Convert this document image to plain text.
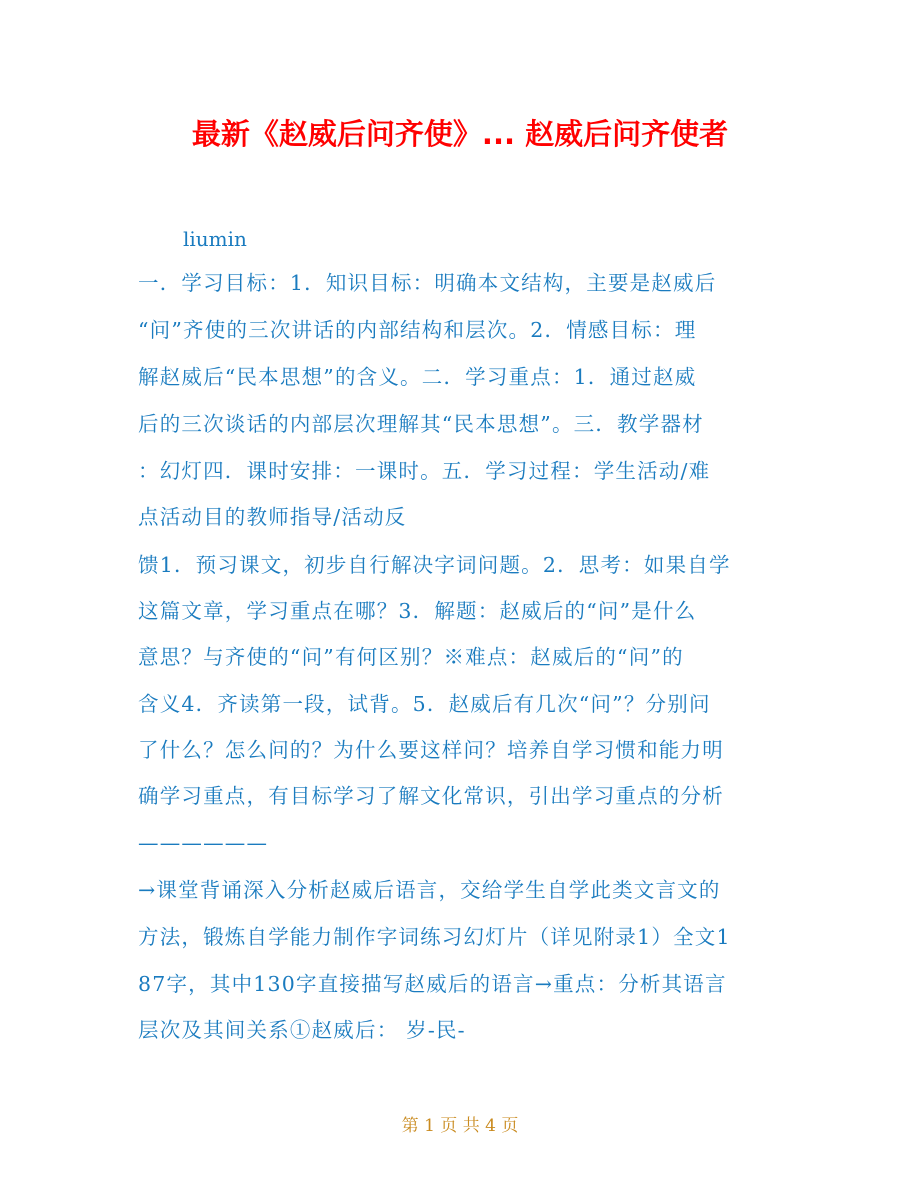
最新《赵威后问齐使》... 赵威后问齐使者
liumin
一．学习目标：1．知识目标：明确本文结构，主要是赵威后
“问”齐使的三次讲话的内部结构和层次。2．情感目标：理
解赵威后“民本思想”的含义。二．学习重点：1．通过赵威
后的三次谈话的内部层次理解其“民本思想”。三．教学器材
：幻灯四．课时安排：一课时。五．学习过程：学生活动/难
点活动目的教师指导/活动反
馈1．预习课文，初步自行解决字词问题。2．思考：如果自学
这篇文章，学习重点在哪？3．解题：赵威后的“问”是什么
意思？与齐使的“问”有何区别？※难点：赵威后的“问”的
含义4．齐读第一段，试背。5．赵威后有几次“问”？分别问
了什么？怎么问的？为什么要这样问？培养自学习惯和能力明
确学习重点，有目标学习了解文化常识，引出学习重点的分析
——————
→课堂背诵深入分析赵威后语言，交给学生自学此类文言文的
方法，锻炼自学能力制作字词练习幻灯片（详见附录1）全文1
87字，其中130字直接描写赵威后的语言→重点：分析其语言
层次及其间关系①赵威后： 岁-民-
第 1 页 共 4 页
